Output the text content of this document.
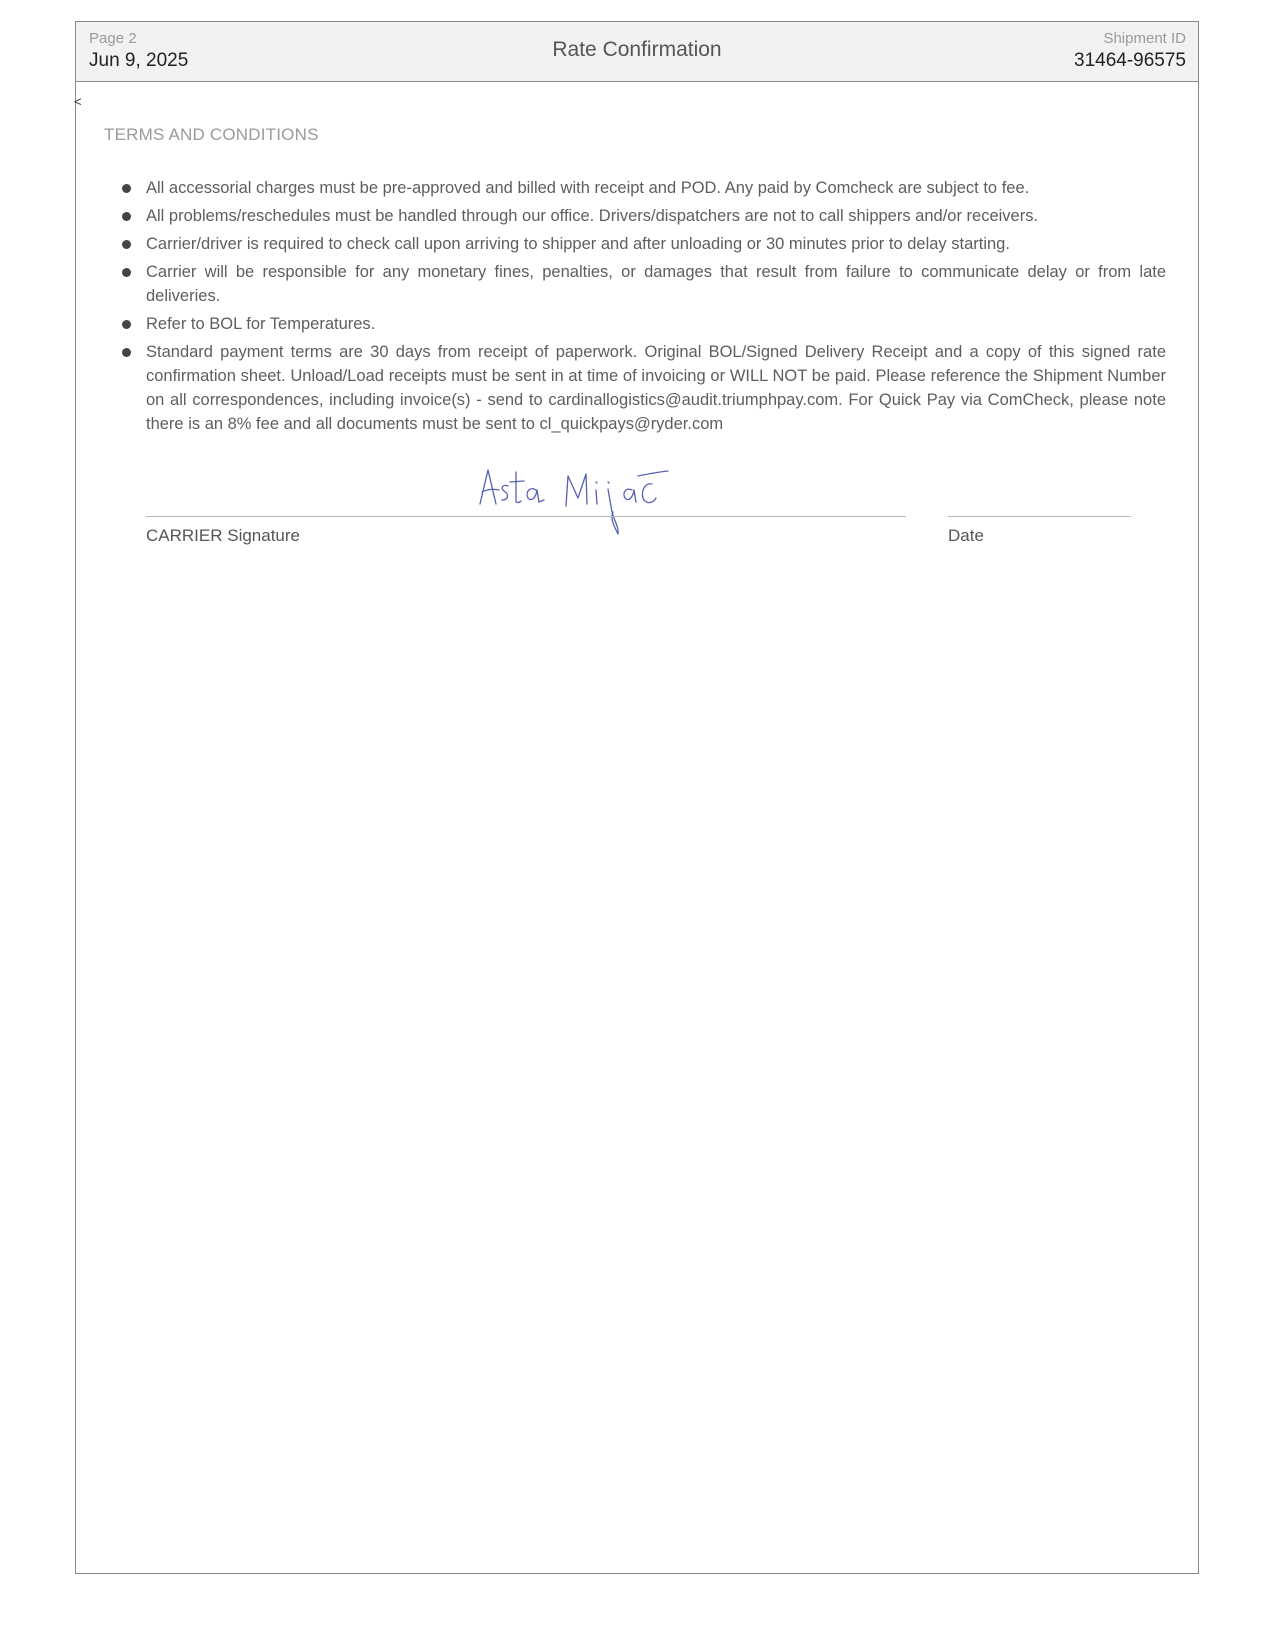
Page 2
Jun 9, 2025	Rate Confirmation	Shipment ID
31464-96575
<
TERMS AND CONDITIONS
All accessorial charges must be pre-approved and billed with receipt and POD. Any paid by Comcheck are subject to fee.
All problems/reschedules must be handled through our office. Drivers/dispatchers are not to call shippers and/or receivers.
Carrier/driver is required to check call upon arriving to shipper and after unloading or 30 minutes prior to delay starting.
Carrier will be responsible for any monetary fines, penalties, or damages that result from failure to communicate delay or from late deliveries.
Refer to BOL for Temperatures.
Standard payment terms are 30 days from receipt of paperwork. Original BOL/Signed Delivery Receipt and a copy of this signed rate confirmation sheet. Unload/Load receipts must be sent in at time of invoicing or WILL NOT be paid. Please reference the Shipment Number on all correspondences, including invoice(s) - send to cardinallogistics@audit.triumphpay.com. For Quick Pay via ComCheck, please note there is an 8% fee and all documents must be sent to cl_quickpays@ryder.com
CARRIER Signature	Date
